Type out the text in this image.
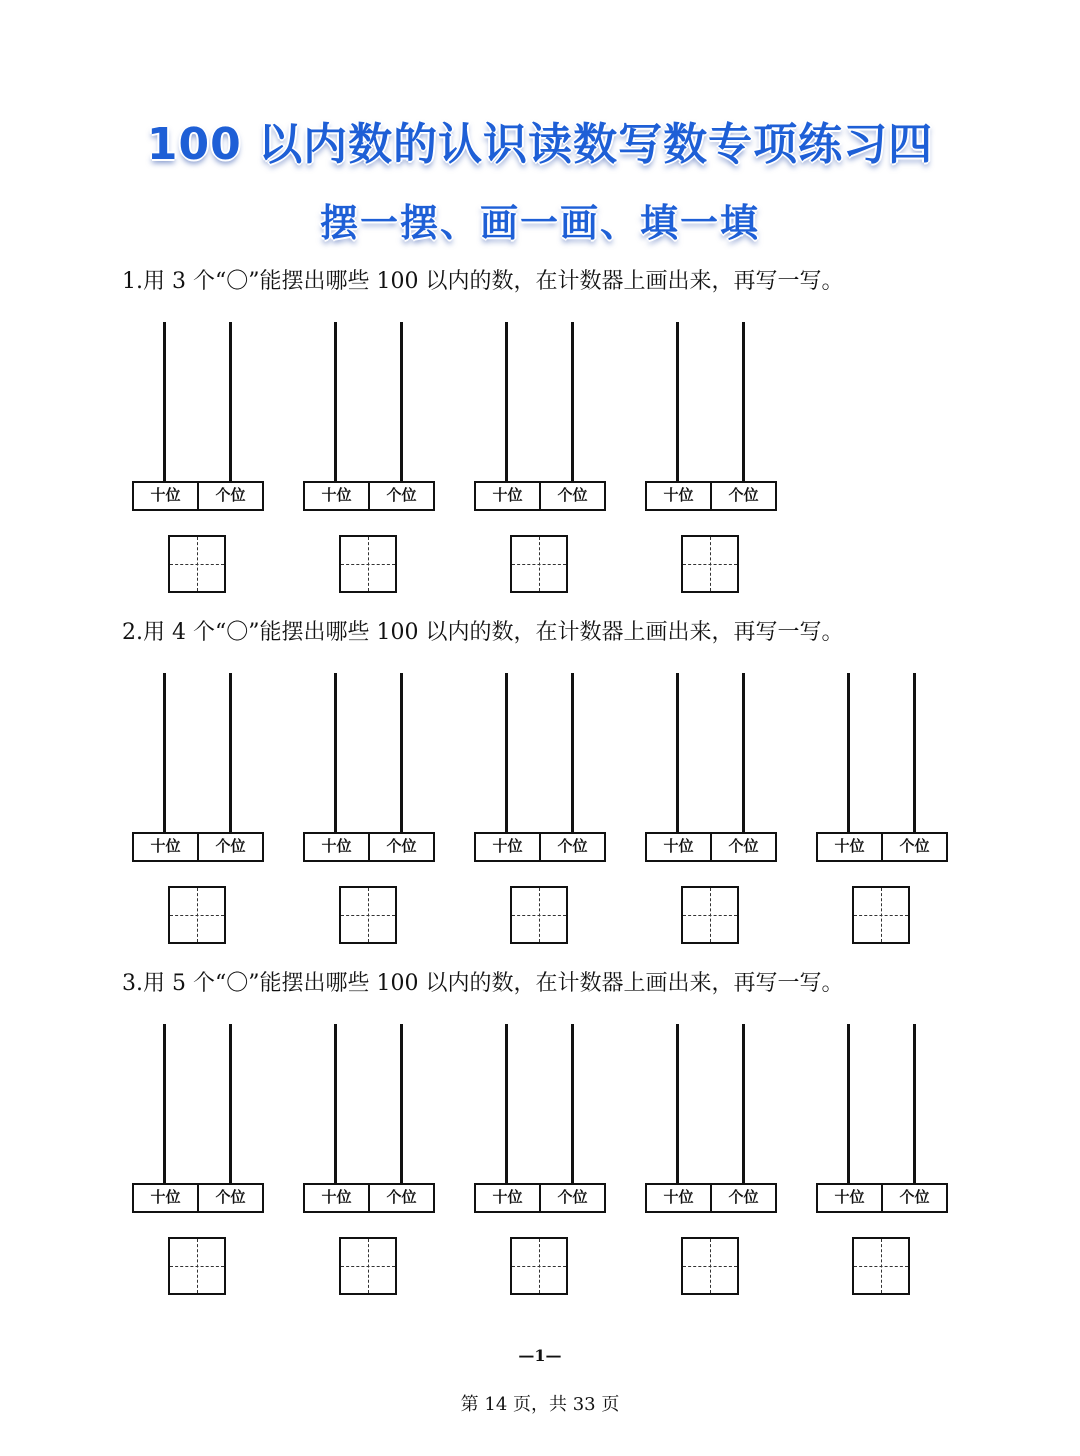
100 以内数的认识读数写数专项练习四
摆一摆、画一画、填一填
1.用 3 个“〇”能摆出哪些 100 以内的数，在计数器上画出来，再写一写。
十位	个位	十位	个位	十位	个位	十位	个位
2.用 4 个“〇”能摆出哪些 100 以内的数，在计数器上画出来，再写一写。
十位	个位	十位	个位	十位	个位	十位	个位	十位	个位
3.用 5 个“〇”能摆出哪些 100 以内的数，在计数器上画出来，再写一写。
十位	个位	十位	个位	十位	个位	十位	个位	十位	个位
—1—
第 14 页，共 33 页
